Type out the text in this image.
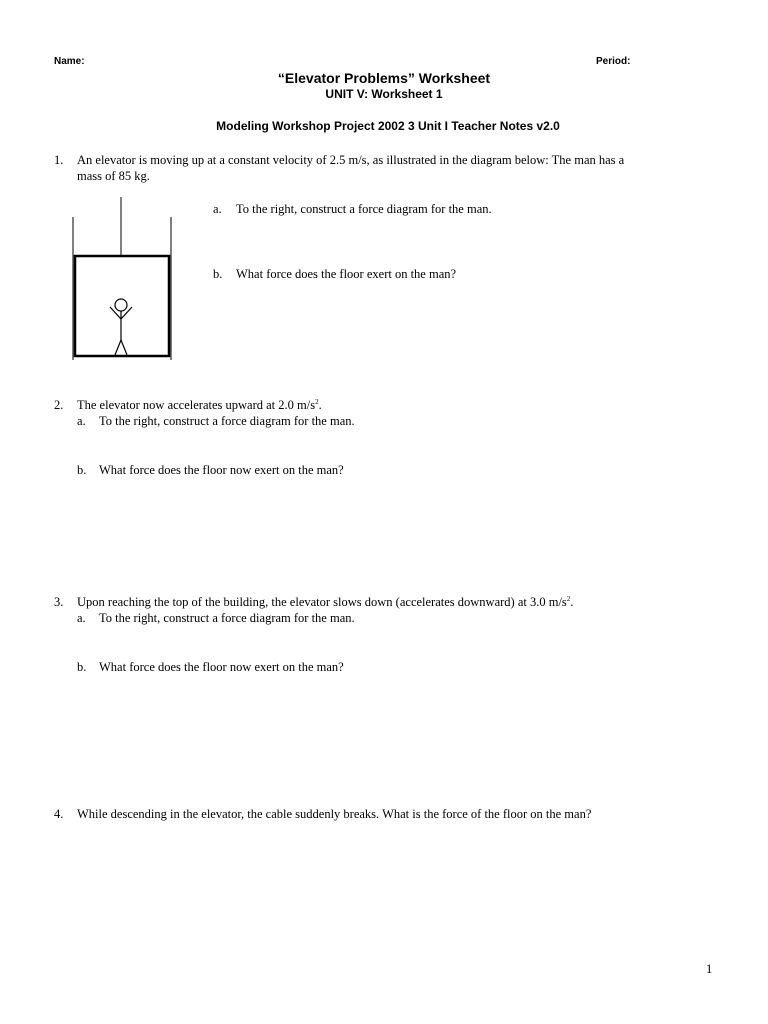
Name:	Period:
“Elevator Problems” Worksheet
UNIT V: Worksheet 1
Modeling Workshop Project 2002 3 Unit I Teacher Notes v2.0
1. An elevator is moving up at a constant velocity of 2.5 m/s, as illustrated in the diagram below: The man has a
mass of 85 kg.
a. To the right, construct a force diagram for the man.
b. What force does the floor exert on the man?
2. The elevator now accelerates upward at 2.0 $m/s^2$.
a. To the right, construct a force diagram for the man.
b. What force does the floor now exert on the man?
3. Upon reaching the top of the building, the elevator slows down (accelerates downward) at 3.0 $m/s^2$.
a. To the right, construct a force diagram for the man.
b. What force does the floor now exert on the man?
4. While descending in the elevator, the cable suddenly breaks. What is the force of the floor on the man?
1
